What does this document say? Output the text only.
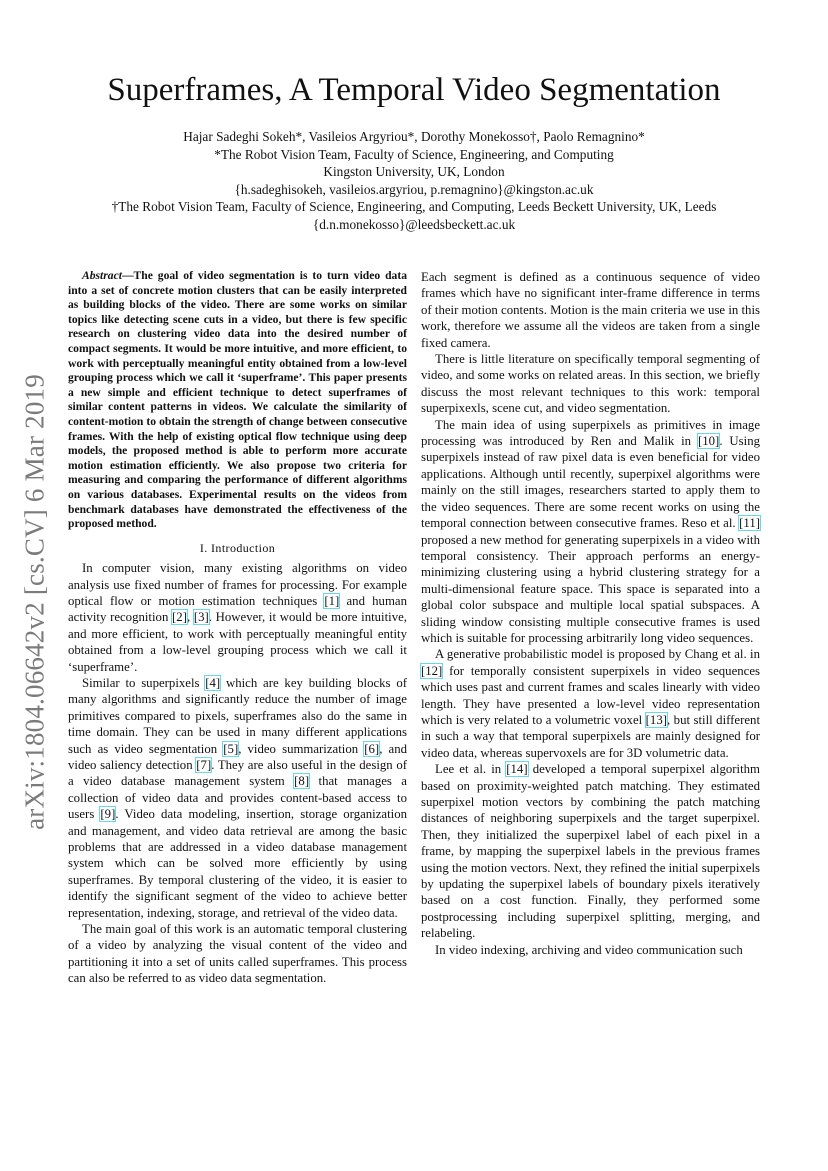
arXiv:1804.06642v2 [cs.CV] 6 Mar 2019
Superframes, A Temporal Video Segmentation
Hajar Sadeghi Sokeh*, Vasileios Argyriou*, Dorothy Monekosso†, Paolo Remagnino*
*The Robot Vision Team, Faculty of Science, Engineering, and Computing
Kingston University, UK, London
{h.sadeghisokeh, vasileios.argyriou, p.remagnino}@kingston.ac.uk
†The Robot Vision Team, Faculty of Science, Engineering, and Computing, Leeds Beckett University, UK, Leeds
{d.n.monekosso}@leedsbeckett.ac.uk

Abstract—The goal of video segmentation is to turn video data into a set of concrete motion clusters that can be easily interpreted as building blocks of the video. There are some works on similar topics like detecting scene cuts in a video, but there is few specific research on clustering video data into the desired number of compact segments. It would be more intuitive, and more efficient, to work with perceptually meaningful entity obtained from a low-level grouping process which we call it ‘superframe’. This paper presents a new simple and efficient technique to detect superframes of similar content patterns in videos. We calculate the similarity of content-motion to obtain the strength of change between consecutive frames. With the help of existing optical flow technique using deep models, the proposed method is able to perform more accurate motion estimation efficiently. We also propose two criteria for measuring and comparing the performance of different algorithms on various databases. Experimental results on the videos from benchmark databases have demonstrated the effectiveness of the proposed method.

I. Introduction

In computer vision, many existing algorithms on video analysis use fixed number of frames for processing. For example optical flow or motion estimation techniques [1] and human activity recognition [2], [3]. However, it would be more intuitive, and more efficient, to work with perceptually meaningful entity obtained from a low-level grouping process which we call it ‘superframe’.

Similar to superpixels [4] which are key building blocks of many algorithms and significantly reduce the number of image primitives compared to pixels, superframes also do the same in time domain. They can be used in many different applications such as video segmentation [5], video summarization [6], and video saliency detection [7]. They are also useful in the design of a video database management system [8] that manages a collection of video data and provides content-based access to users [9]. Video data modeling, insertion, storage organization and management, and video data retrieval are among the basic problems that are addressed in a video database management system which can be solved more efficiently by using superframes. By temporal clustering of the video, it is easier to identify the significant segment of the video to achieve better representation, indexing, storage, and retrieval of the video data.

The main goal of this work is an automatic temporal clustering of a video by analyzing the visual content of the video and partitioning it into a set of units called superframes. This process can also be referred to as video data segmentation.

Each segment is defined as a continuous sequence of video frames which have no significant inter-frame difference in terms of their motion contents. Motion is the main criteria we use in this work, therefore we assume all the videos are taken from a single fixed camera.

There is little literature on specifically temporal segmenting of video, and some works on related areas. In this section, we briefly discuss the most relevant techniques to this work: temporal superpixexls, scene cut, and video segmentation.

The main idea of using superpixels as primitives in image processing was introduced by Ren and Malik in [10]. Using superpixels instead of raw pixel data is even beneficial for video applications. Although until recently, superpixel algorithms were mainly on the still images, researchers started to apply them to the video sequences. There are some recent works on using the temporal connection between consecutive frames. Reso et al. [11] proposed a new method for generating superpixels in a video with temporal consistency. Their approach performs an energy-minimizing clustering using a hybrid clustering strategy for a multi-dimensional feature space. This space is separated into a global color subspace and multiple local spatial subspaces. A sliding window consisting multiple consecutive frames is used which is suitable for processing arbitrarily long video sequences.

A generative probabilistic model is proposed by Chang et al. in [12] for temporally consistent superpixels in video sequences which uses past and current frames and scales linearly with video length. They have presented a low-level video representation which is very related to a volumetric voxel [13], but still different in such a way that temporal superpixels are mainly designed for video data, whereas supervoxels are for 3D volumetric data.

Lee et al. in [14] developed a temporal superpixel algorithm based on proximity-weighted patch matching. They estimated superpixel motion vectors by combining the patch matching distances of neighboring superpixels and the target superpixel. Then, they initialized the superpixel label of each pixel in a frame, by mapping the superpixel labels in the previous frames using the motion vectors. Next, they refined the initial superpixels by updating the superpixel labels of boundary pixels iteratively based on a cost function. Finally, they performed some postprocessing including superpixel splitting, merging, and relabeling.

In video indexing, archiving and video communication such
